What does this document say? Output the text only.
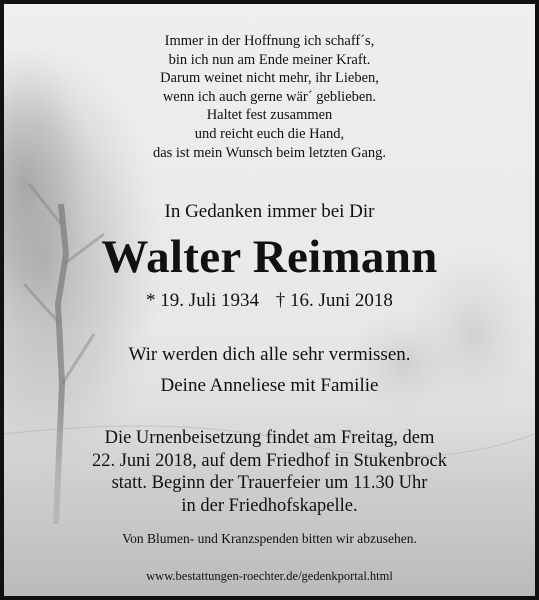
Immer in der Hoffnung ich schaff´s,
bin ich nun am Ende meiner Kraft.
Darum weinet nicht mehr, ihr Lieben,
wenn ich auch gerne wär´ geblieben.
Haltet fest zusammen
und reicht euch die Hand,
das ist mein Wunsch beim letzten Gang.
In Gedanken immer bei Dir
Walter Reimann
* 19. Juli 1934 † 16. Juni 2018
Wir werden dich alle sehr vermissen.
Deine Anneliese mit Familie
Die Urnenbeisetzung findet am Freitag, dem
22. Juni 2018, auf dem Friedhof in Stukenbrock
statt. Beginn der Trauerfeier um 11.30 Uhr
in der Friedhofskapelle.
Von Blumen- und Kranzspenden bitten wir abzusehen.
www.bestattungen-roechter.de/gedenkportal.html
